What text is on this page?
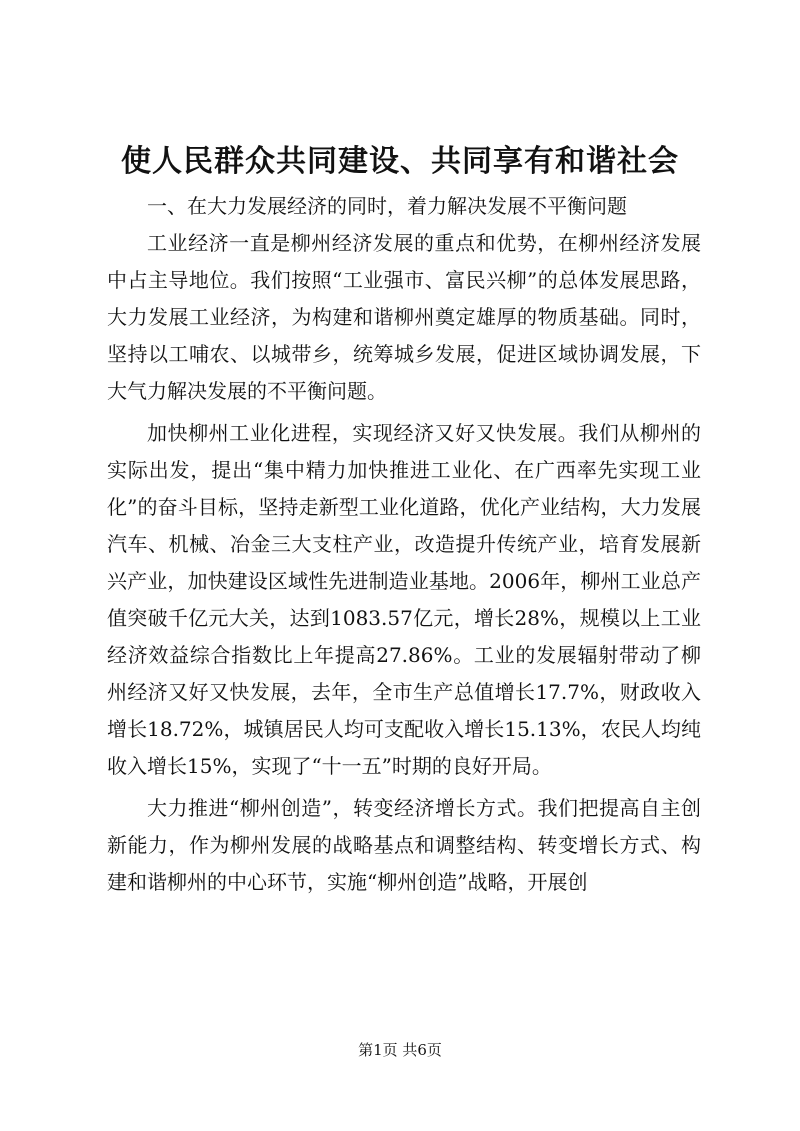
使人民群众共同建设、共同享有和谐社会

一、在大力发展经济的同时，着力解决发展不平衡问题

工业经济一直是柳州经济发展的重点和优势，在柳州经济发展中占主导地位。我们按照“工业强市、富民兴柳”的总体发展思路，大力发展工业经济，为构建和谐柳州奠定雄厚的物质基础。同时，坚持以工哺农、以城带乡，统筹城乡发展，促进区域协调发展，下大气力解决发展的不平衡问题。

加快柳州工业化进程，实现经济又好又快发展。我们从柳州的实际出发，提出“集中精力加快推进工业化、在广西率先实现工业化”的奋斗目标，坚持走新型工业化道路，优化产业结构，大力发展汽车、机械、冶金三大支柱产业，改造提升传统产业，培育发展新兴产业，加快建设区域性先进制造业基地。2006年，柳州工业总产值突破千亿元大关，达到1083.57亿元，增长28%，规模以上工业经济效益综合指数比上年提高27.86%。工业的发展辐射带动了柳州经济又好又快发展，去年，全市生产总值增长17.7%，财政收入增长18.72%，城镇居民人均可支配收入增长15.13%，农民人均纯收入增长15%，实现了“十一五”时期的良好开局。

大力推进“柳州创造”，转变经济增长方式。我们把提高自主创新能力，作为柳州发展的战略基点和调整结构、转变增长方式、构建和谐柳州的中心环节，实施“柳州创造”战略，开展创

第1页 共6页
